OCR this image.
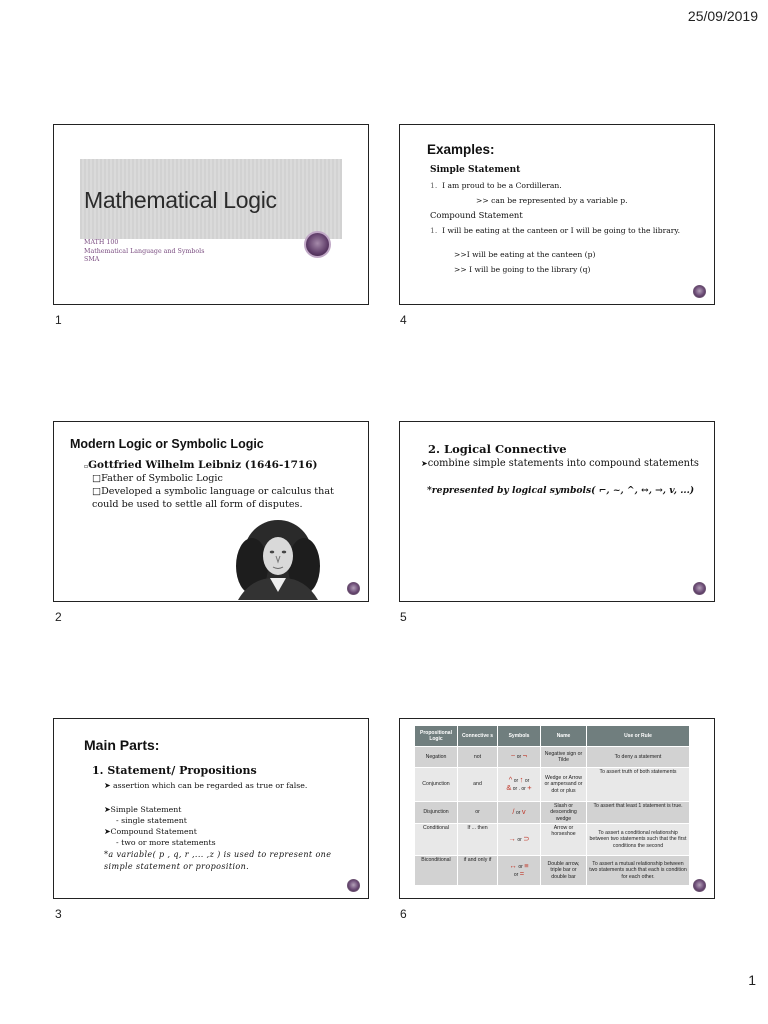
25/09/2019
Mathematical Logic
MATH 100
Mathematical Language and Symbols
SMA
1
Examples:
Simple Statement
1.  I am proud to be a Cordilleran.
>> can be represented by a variable p.
Compound Statement
1.  I will be eating at the canteen or I will be going to the library.
>>I will be eating at the canteen (p)
>> I will be going to the library (q)
4
Modern Logic or Symbolic Logic
▫Gottfried Wilhelm Leibniz (1646-1716)
□Father of Symbolic Logic
□Developed a symbolic language or calculus that could be used to settle all form of disputes.
2
2. Logical Connective
➤combine simple statements into compound statements
*represented by logical symbols( ⌐, ~, ^, ↔, →, v, ...)
5
Main Parts:
1. Statement/ Propositions
➤ assertion which can be regarded as true or false.
➤Simple Statement
- single statement
➤Compound Statement
- two or more statements
*a variable( p , q, r ,... ,z ) is used to represent one simple statement or proposition.
3
Propositional Logic	Connective s	Symbols	Name	Use or Rule
Negation	not	~ or ¬	Negative sign or Tilde	To deny a statement
Conjunction	and	^ or ↑ or
& or . or +	Wedge or Arrow or ampersand or dot or plus	To assert truth of both statements
Disjunction	or	/ or v	Slash or descending wedge	To assert that least 1 statement is true.
Conditional	If ... then	→ or ⊃	Arrow or horseshoe	To assert a conditional relationship between two statements such that the first conditions the second
Biconditional	if and only if	↔ or ≡
or =	Double arrow, triple bar or double bar	To assert a mutual relationship between two statements such that each is condition for each other.
6
1
